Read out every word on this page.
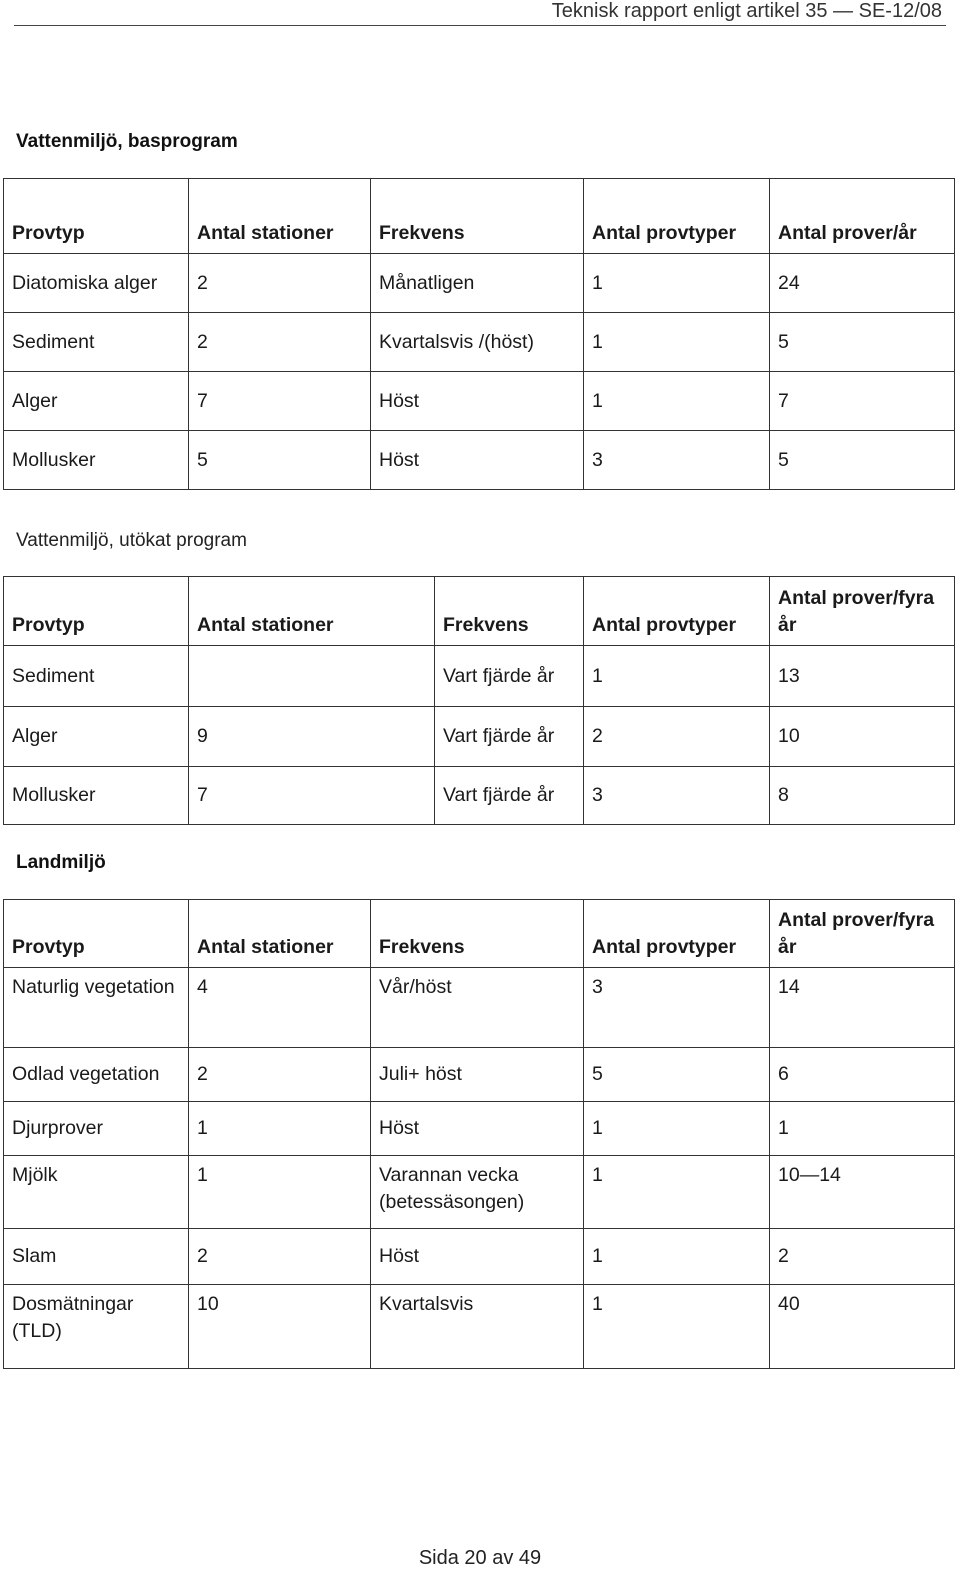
Teknisk rapport enligt artikel 35 — SE-12/08
Vattenmiljö, basprogram
Provtyp	Antal stationer	Frekvens	Antal provtyper	Antal prover/år
Diatomiska alger	2	Månatligen	1	24
Sediment	2	Kvartalsvis /(höst)	1	5
Alger	7	Höst	1	7
Mollusker	5	Höst	3	5
Vattenmiljö, utökat program
Provtyp	Antal stationer	Frekvens	Antal provtyper	Antal prover/fyra år
Sediment		Vart fjärde år	1	13
Alger	9	Vart fjärde år	2	10
Mollusker	7	Vart fjärde år	3	8
Landmiljö
Provtyp	Antal stationer	Frekvens	Antal provtyper	Antal prover/fyra år
Naturlig vegetation	4	Vår/höst	3	14
Odlad vegetation	2	Juli+ höst	5	6
Djurprover	1	Höst	1	1
Mjölk	1	Varannan vecka (betessäsongen)	1	10—14
Slam	2	Höst	1	2
Dosmätningar (TLD)	10	Kvartalsvis	1	40
Sida 20 av 49
